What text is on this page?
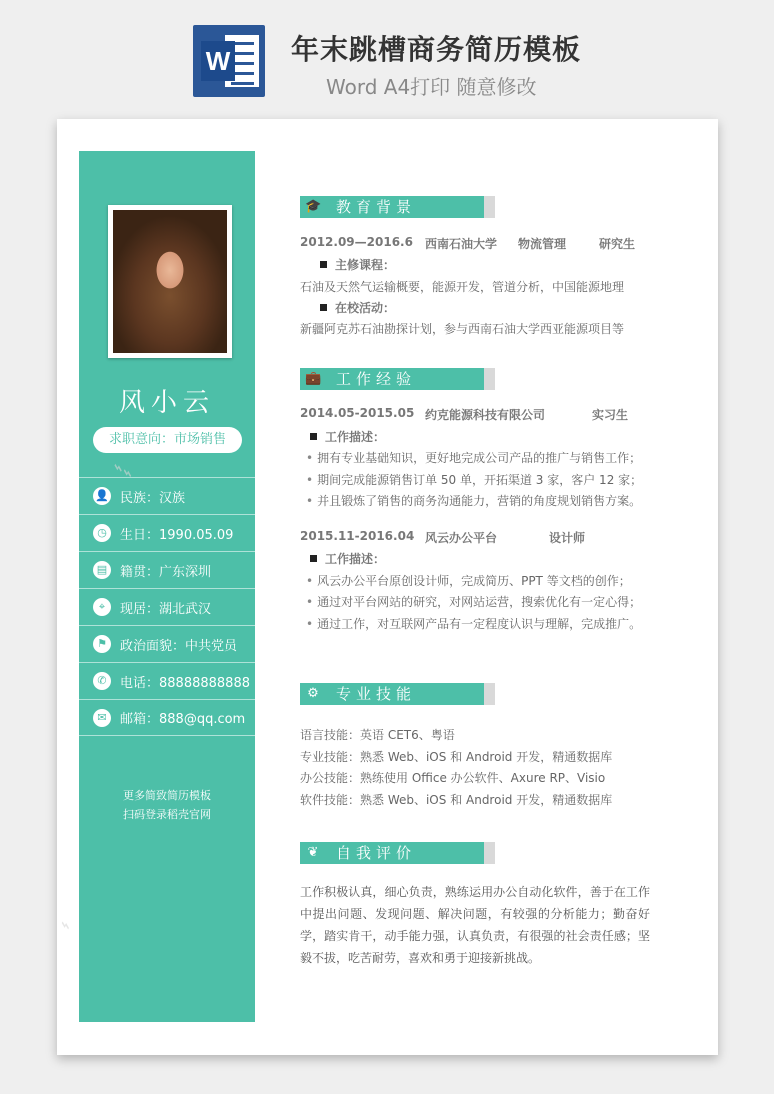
W 年末跳槽商务简历模板
Word A4打印 随意修改
风小云
求职意向：市场销售
👤 民族：汉族
◷	生日：1990.05.09
▤ 籍贯：广东深圳
⌖	现居：湖北武汉
⚑	政治面貌：中共党员
✆	电话：88888888888
✉	邮箱：888@qq.com
更多简致简历模板
扫码登录稻壳官网
⌁⌁
⌁
🎓 教育背景
2012.09—2016.6 西南石油大学 物流管理	研究生
主修课程：
石油及天然气运输概要，能源开发，管道分析，中国能源地理
在校活动：
新疆阿克苏石油勘探计划，参与西南石油大学西亚能源项目等
💼 工作经验
2014.05-2015.05 约克能源科技有限公司	实习生
工作描述：
• 拥有专业基础知识，更好地完成公司产品的推广与销售工作；
• 期间完成能源销售订单 50 单，开拓渠道 3 家，客户 12 家；
• 并且锻炼了销售的商务沟通能力，营销的角度规划销售方案。
2015.11-2016.04 风云办公平台	设计师
工作描述：
• 风云办公平台原创设计师，完成简历、PPT 等文档的创作；
• 通过对平台网站的研究，对网站运营，搜索优化有一定心得；
• 通过工作，对互联网产品有一定程度认识与理解，完成推广。
⚙ 专业技能
语言技能：英语 CET6、粤语
专业技能：熟悉 Web、iOS 和 Android 开发，精通数据库
办公技能：熟练使用 Office 办公软件、Axure RP、Visio
软件技能：熟悉 Web、iOS 和 Android 开发，精通数据库
❦ 自我评价
工作积极认真，细心负责，熟练运用办公自动化软件，善于在工作中提出问题、发现问题、解决问题，有较强的分析能力；勤奋好学，踏实肯干，动手能力强，认真负责，有很强的社会责任感；坚毅不拔，吃苦耐劳，喜欢和勇于迎接新挑战。
